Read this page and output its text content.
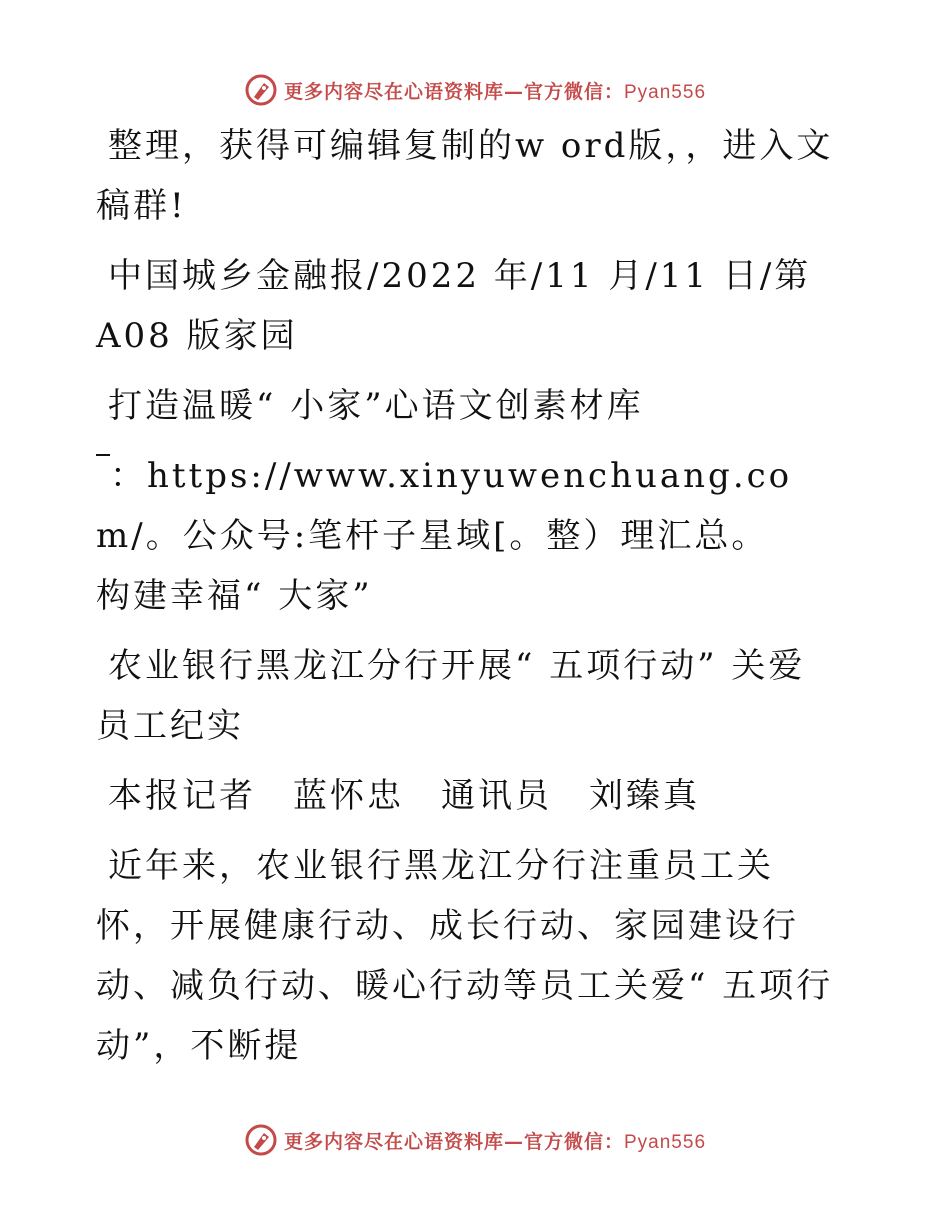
更多内容尽在心语资料库—官方微信：Pyan556

整理，获得可编辑复制的w ord版，，进入文稿群!

中国城乡金融报/2022 年/11 月/11 日/第 A08 版家园

打造温暖“ 小家”心语文创素材库

：https://www.xinyuwenchuang.com/。公众号:笔杆子星域[。整）理汇总。　　构建幸福“ 大家”

农业银行黑龙江分行开展“ 五项行动” 关爱员工纪实

本报记者　蓝怀忠　通讯员　刘臻真

近年来，农业银行黑龙江分行注重员工关怀，开展健康行动、成长行动、家园建设行动、减负行动、暖心行动等员工关爱“ 五项行动”，不断提

更多内容尽在心语资料库—官方微信：Pyan556
